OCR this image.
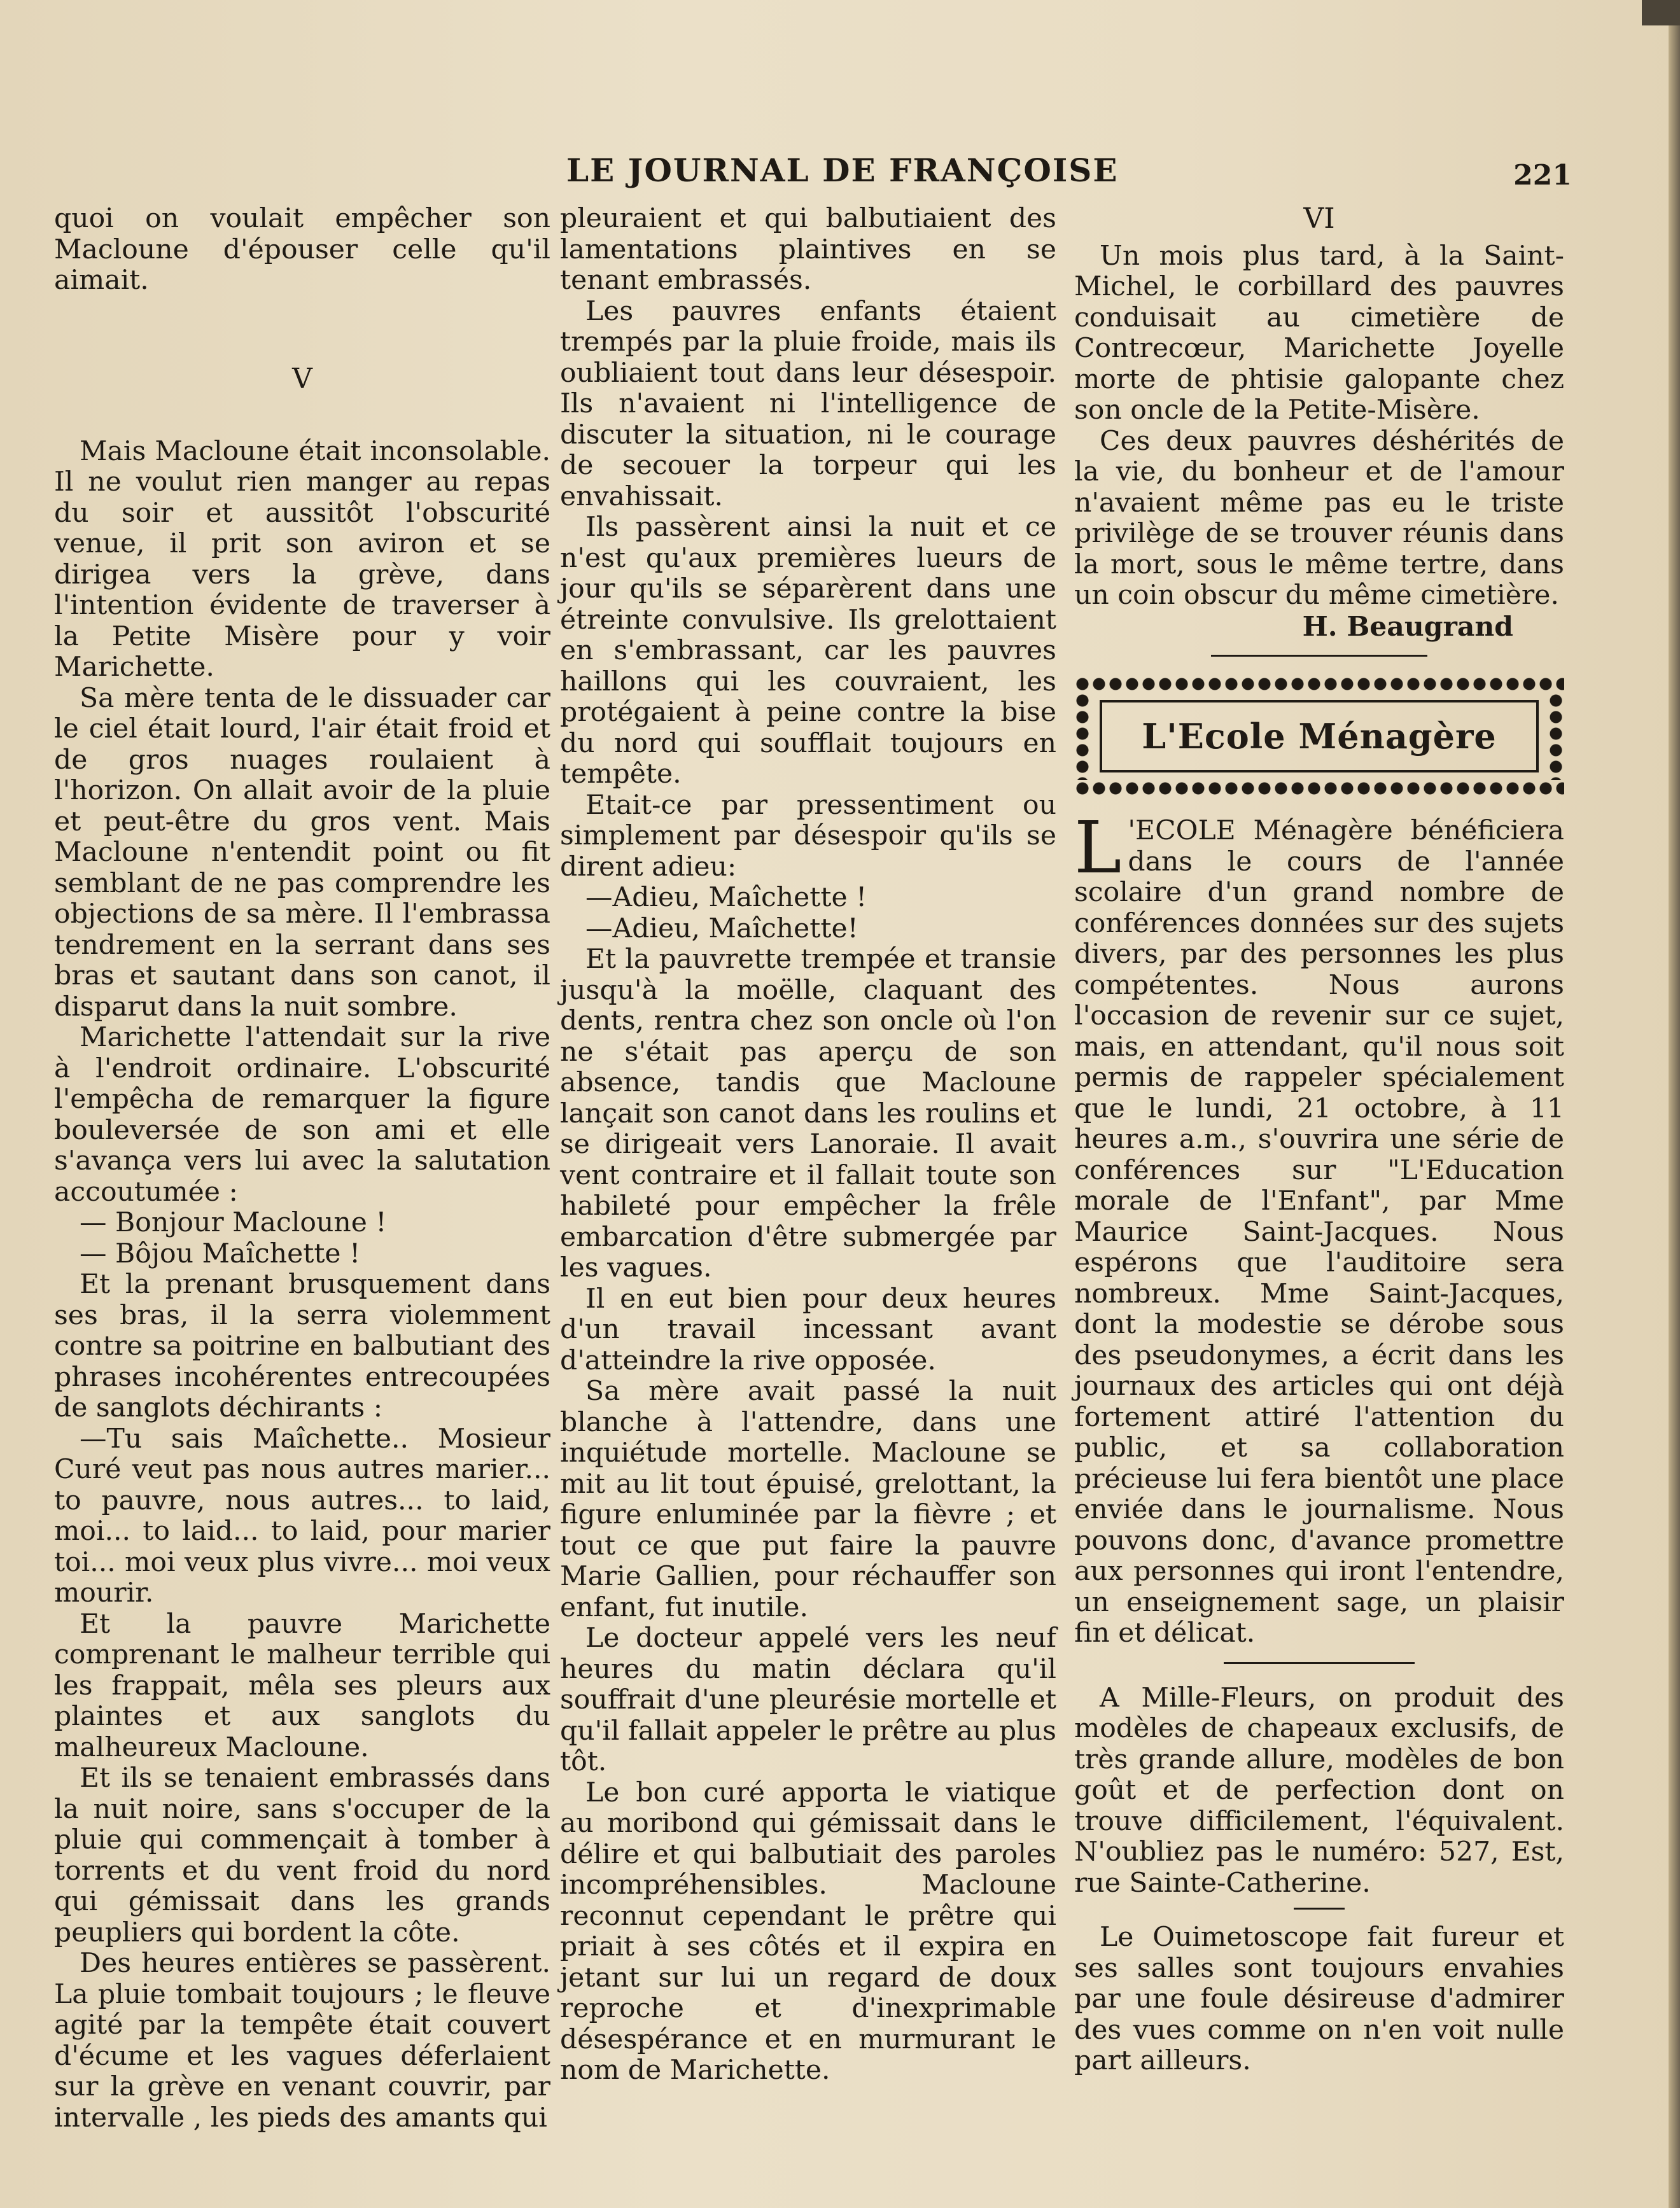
LE JOURNAL DE FRANÇOISE	221

quoi on voulait empêcher son Macloune d'épouser celle qu'il aimait.

V

Mais Macloune était inconsolable. Il ne voulut rien manger au repas du soir et aussitôt l'obscurité venue, il prit son aviron et se dirigea vers la grève, dans l'intention évidente de traverser à la Petite Misère pour y voir Marichette.

Sa mère tenta de le dissuader car le ciel était lourd, l'air était froid et de gros nuages roulaient à l'horizon. On allait avoir de la pluie et peut-être du gros vent. Mais Macloune n'entendit point ou fit semblant de ne pas comprendre les objections de sa mère. Il l'embrassa tendrement en la serrant dans ses bras et sautant dans son canot, il disparut dans la nuit sombre.

Marichette l'attendait sur la rive à l'endroit ordinaire. L'obscurité l'empêcha de remarquer la figure bouleversée de son ami et elle s'avança vers lui avec la salutation accoutumée :

— Bonjour Macloune !

— Bôjou Maîchette !

Et la prenant brusquement dans ses bras, il la serra violemment contre sa poitrine en balbutiant des phrases incohérentes entrecoupées de sanglots déchirants :

—Tu sais Maîchette.. Mosieur Curé veut pas nous autres marier... to pauvre, nous autres... to laid, moi... to laid... to laid, pour marier toi... moi veux plus vivre... moi veux mourir.

Et la pauvre Marichette comprenant le malheur terrible qui les frappait, mêla ses pleurs aux plaintes et aux sanglots du malheureux Macloune.

Et ils se tenaient embrassés dans la nuit noire, sans s'occuper de la pluie qui commençait à tomber à torrents et du vent froid du nord qui gémissait dans les grands peupliers qui bordent la côte.

Des heures entières se passèrent. La pluie tombait toujours ; le fleuve agité par la tempête était couvert d'écume et les vagues déferlaient sur la grève en venant couvrir, par intervalle , les pieds des amants qui

pleuraient et qui balbutiaient des lamentations plaintives en se tenant embrassés.

Les pauvres enfants étaient trempés par la pluie froide, mais ils oubliaient tout dans leur désespoir. Ils n'avaient ni l'intelligence de discuter la situation, ni le courage de secouer la torpeur qui les envahissait.

Ils passèrent ainsi la nuit et ce n'est qu'aux premières lueurs de jour qu'ils se séparèrent dans une étreinte convulsive. Ils grelottaient en s'embrassant, car les pauvres haillons qui les couvraient, les protégaient à peine contre la bise du nord qui soufflait toujours en tempête.

Etait-ce par pressentiment ou simplement par désespoir qu'ils se dirent adieu:

—Adieu, Maîchette !

—Adieu, Maîchette!

Et la pauvrette trempée et transie jusqu'à la moëlle, claquant des dents, rentra chez son oncle où l'on ne s'était pas aperçu de son absence, tandis que Macloune lançait son canot dans les roulins et se dirigeait vers Lanoraie. Il avait vent contraire et il fallait toute son habileté pour empêcher la frêle embarcation d'être submergée par les vagues.

Il en eut bien pour deux heures d'un travail incessant avant d'atteindre la rive opposée.

Sa mère avait passé la nuit blanche à l'attendre, dans une inquiétude mortelle. Macloune se mit au lit tout épuisé, grelottant, la figure enluminée par la fièvre ; et tout ce que put faire la pauvre Marie Gallien, pour réchauffer son enfant, fut inutile.

Le docteur appelé vers les neuf heures du matin déclara qu'il souffrait d'une pleurésie mortelle et qu'il fallait appeler le prêtre au plus tôt.

Le bon curé apporta le viatique au moribond qui gémissait dans le délire et qui balbutiait des paroles incompréhensibles. Macloune reconnut cependant le prêtre qui priait à ses côtés et il expira en jetant sur lui un regard de doux reproche et d'inexprimable désespérance et en murmurant le nom de Marichette.

VI

Un mois plus tard, à la Saint-Michel, le corbillard des pauvres conduisait au cimetière de Contrecœur, Marichette Joyelle morte de phtisie galopante chez son oncle de la Petite-Misère.

Ces deux pauvres déshérités de la vie, du bonheur et de l'amour n'avaient même pas eu le triste privilège de se trouver réunis dans la mort, sous le même tertre, dans un coin obscur du même cimetière.

H. Beaugrand

L'Ecole Ménagère

L 'ECOLE Ménagère bénéficiera dans le cours de l'année scolaire d'un grand nombre de conférences données sur des sujets divers, par des personnes les plus compétentes. Nous aurons l'occasion de revenir sur ce sujet, mais, en attendant, qu'il nous soit permis de rappeler spécialement que le lundi, 21 octobre, à 11 heures a.m., s'ouvrira une série de conférences sur "L'Education morale de l'Enfant", par Mme Maurice Saint-Jacques. Nous espérons que l'auditoire sera nombreux. Mme Saint-Jacques, dont la modestie se dérobe sous des pseudonymes, a écrit dans les journaux des articles qui ont déjà fortement attiré l'attention du public, et sa collaboration précieuse lui fera bientôt une place enviée dans le journalisme. Nous pouvons donc, d'avance promettre aux personnes qui iront l'entendre, un enseignement sage, un plaisir fin et délicat.

A Mille-Fleurs, on produit des modèles de chapeaux exclusifs, de très grande allure, modèles de bon goût et de perfection dont on trouve difficilement, l'équivalent. N'oubliez pas le numéro: 527, Est, rue Sainte-Catherine.

Le Ouimetoscope fait fureur et ses salles sont toujours envahies par une foule désireuse d'admirer des vues comme on n'en voit nulle part ailleurs.
